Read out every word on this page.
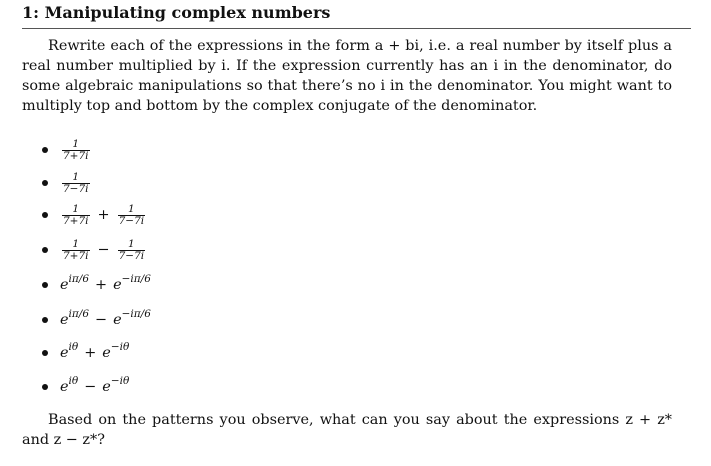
1: Manipulating complex numbers
Rewrite each of the expressions in the form a + bi, i.e. a real number by itself plus a real number multiplied by i. If the expression currently has an i in the denominator, do some algebraic manipulations so that there’s no i in the denominator. You might want to multiply top and bottom by the complex conjugate of the denominator.
$\frac{1}{7+7i}$
$\frac{1}{7-7i}$
$\frac{1}{7+7i} + \frac{1}{7-7i}$
$\frac{1}{7+7i} - \frac{1}{7-7i}$
e iπ/6 + e −iπ/6
e iπ/6 − e −iπ/6
e iθ + e −iθ
e iθ − e −iθ
Based on the patterns you observe, what can you say about the expressions z + z* and z − z*?
